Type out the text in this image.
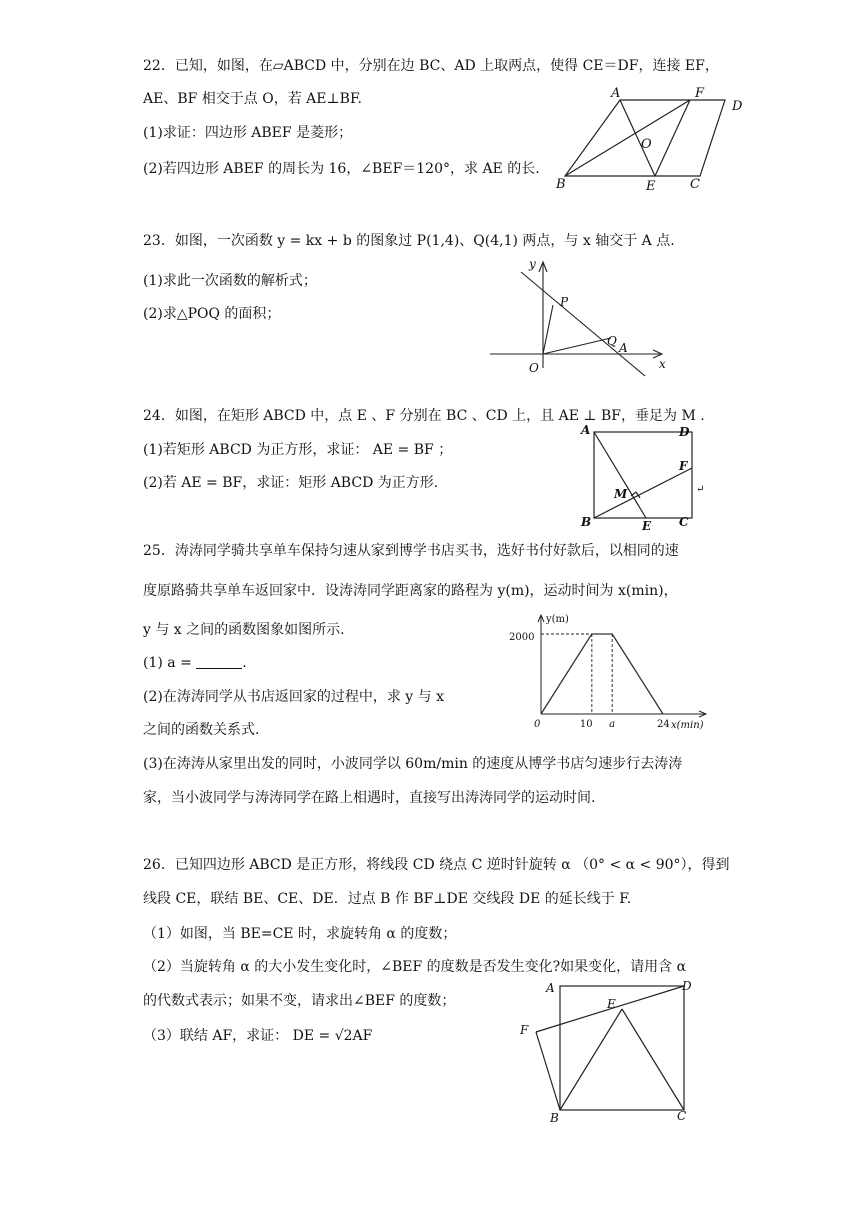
22．已知，如图，在▱ABCD 中，分别在边 BC、AD 上取两点，使得 CE＝DF，连接 EF，
AE、BF 相交于点 O，若 AE⊥BF.
(1)求证：四边形 ABEF 是菱形；
(2)若四边形 ABEF 的周长为 16，∠BEF＝120°，求 AE 的长.
A	F
D
O
B	E	C
23．如图，一次函数 y = kx + b 的图象过 P(1,4)、Q(4,1) 两点，与 x 轴交于 A 点.
(1)求此一次函数的解析式；
(2)求△POQ 的面积；
y
x
O
P
Q A
24．如图，在矩形 ABCD 中，点 E 、F 分别在 BC 、CD 上，且 AE ⊥ BF，垂足为 M .
(1)若矩形 ABCD 为正方形，求证： AE = BF ；
(2)若 AE = BF，求证：矩形 ABCD 为正方形.
A	D
F
M
B	E C
↵
25．涛涛同学骑共享单车保持匀速从家到博学书店买书，选好书付好款后，以相同的速
度原路骑共享单车返回家中．设涛涛同学距离家的路程为 y(m)，运动时间为 x(min)，
y 与 x 之间的函数图象如图所示.
(1) a =	.
(2)在涛涛同学从书店返回家的过程中，求 y 与 x
之间的函数关系式.
(3)在涛涛从家里出发的同时，小波同学以 60m/min 的速度从博学书店匀速步行去涛涛
家，当小波同学与涛涛同学在路上相遇时，直接写出涛涛同学的运动时间.
y(m)
x(min)
2000
0	10 a	24
26．已知四边形 ABCD 是正方形，将线段 CD 绕点 C 逆时针旋转 α （0° < α < 90°），得到
线段 CE，联结 BE、CE、DE．过点 B 作 BF⊥DE 交线段 DE 的延长线于 F.
（1）如图，当 BE=CE 时，求旋转角 α 的度数；
（2）当旋转角 α 的大小发生变化时，∠BEF 的度数是否发生变化?如果变化，请用含 α
的代数式表示；如果不变，请求出∠BEF 的度数；
（3）联结 AF，求证： DE = √2AF
A	D
E
F
B	C
